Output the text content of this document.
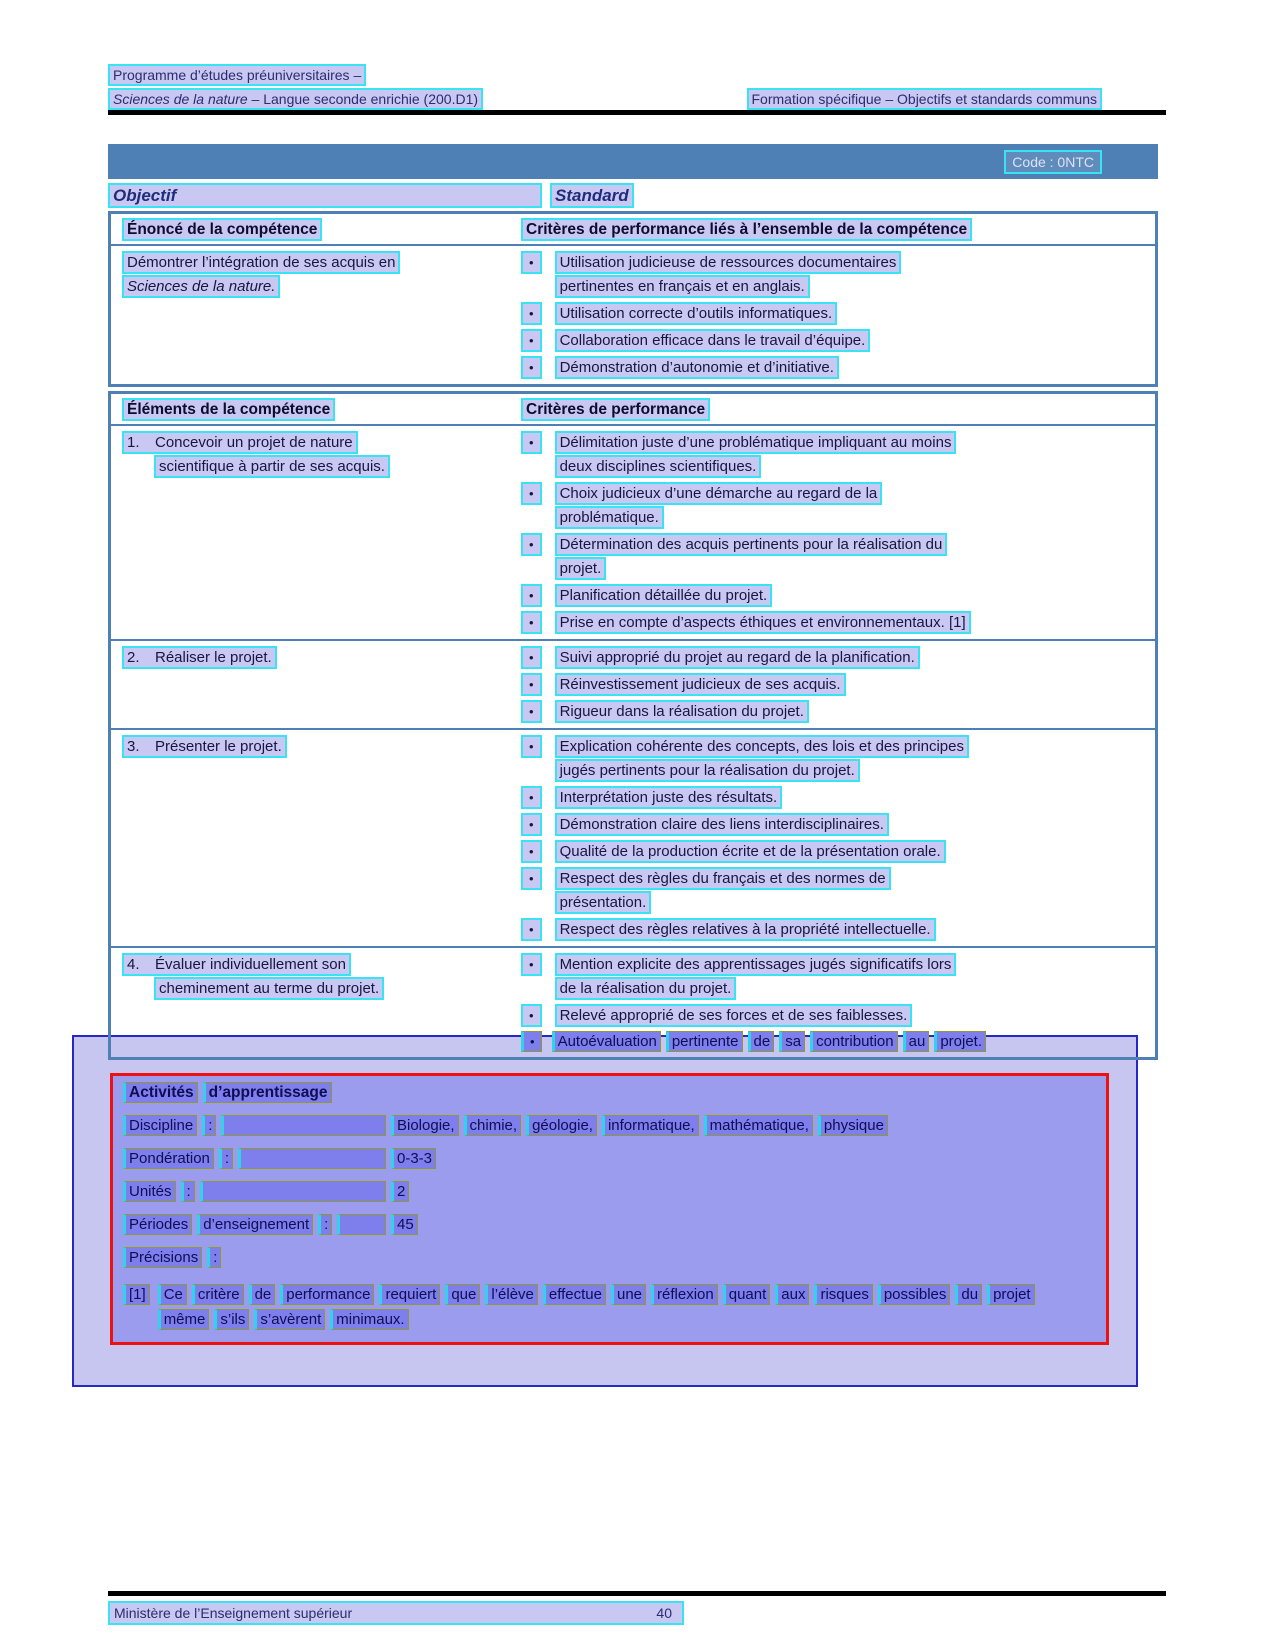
Programme d’études préuniversitaires –
Sciences de la nature – Langue seconde enrichie (200.D1)	Formation spécifique – Objectifs et standards communs
Code : 0NTC
Objectif	Standard
Énoncé de la compétence	Critères de performance liés à l’ensemble de la compétence
Démontrer l’intégration de ses acquis en
Sciences de la nature.
•	Utilisation judicieuse de ressources documentaires
pertinentes en français et en anglais.
•	Utilisation correcte d’outils informatiques.
•	Collaboration efficace dans le travail d’équipe.
•	Démonstration d’autonomie et d’initiative.
Activités d’apprentissage
Discipline	:	Biologie, chimie, géologie, informatique, mathématique, physique
Pondération	:	0-3-3
Unités	:	2
Périodes d’enseignement	:	45
Précisions	:
[1]	Ce critère de performance requiert que l’élève effectue une réflexion quant aux risques possibles du projet
même s’ils s’avèrent minimaux.
Éléments de la compétence	Critères de performance
1. Concevoir un projet de nature
scientifique à partir de ses acquis.
•	Délimitation juste d’une problématique impliquant au moins
deux disciplines scientifiques.
•	Choix judicieux d’une démarche au regard de la
problématique.
•	Détermination des acquis pertinents pour la réalisation du
projet.
•	Planification détaillée du projet.
•	Prise en compte d’aspects éthiques et environnementaux. [1]
2. Réaliser le projet.	•	Suivi approprié du projet au regard de la planification.
•	Réinvestissement judicieux de ses acquis.
•	Rigueur dans la réalisation du projet.
3. Présenter le projet.	•	Explication cohérente des concepts, des lois et des principes
jugés pertinents pour la réalisation du projet.
•	Interprétation juste des résultats.
•	Démonstration claire des liens interdisciplinaires.
•	Qualité de la production écrite et de la présentation orale.
•	Respect des règles du français et des normes de
présentation.
•	Respect des règles relatives à la propriété intellectuelle.
4. Évaluer individuellement son
cheminement au terme du projet.
•	Mention explicite des apprentissages jugés significatifs lors
de la réalisation du projet.
•	Relevé approprié de ses forces et de ses faiblesses.
•	Autoévaluation pertinente de sa contribution au projet.
Ministère de l’Enseignement supérieur	40
